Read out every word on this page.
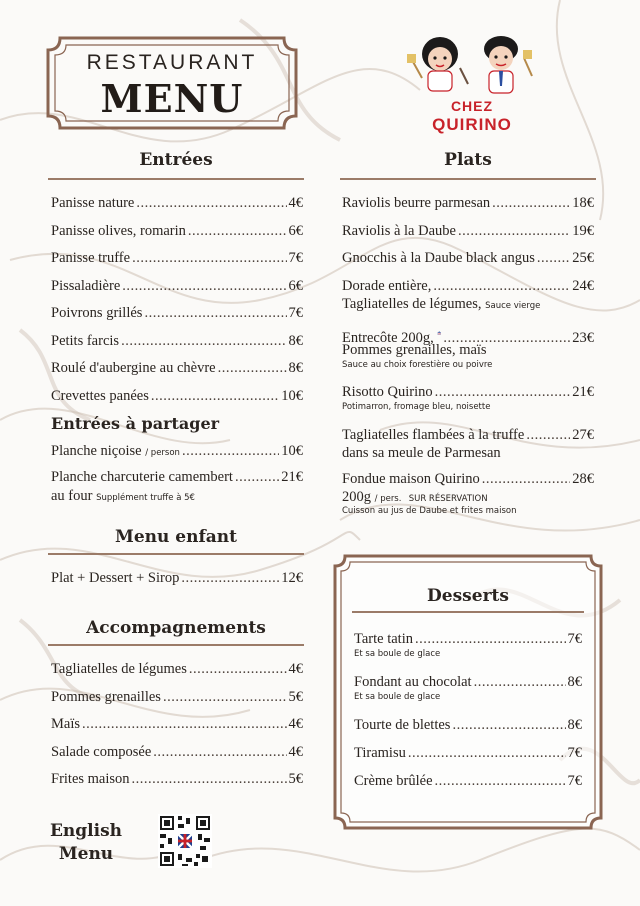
RESTAURANT
MENU	CHEZ
QUIRINO
Entrées
Panisse nature .....	4€
Panisse olives, romarin .....	6€
Panisse truffe .....	7€
Pissaladière .....	6€
Poivrons grillés .....	7€
Petits farcis .....	8€
Roulé d'aubergine au chèvre .....	8€
Crevettes panées .....	10€
Entrées à partager
Planche niçoise
/ person .....	10€
Planche charcuterie camembert .....	21€
au four Supplément truffe à 5€
Menu enfant
Plat + Dessert + Sirop .....	12€
Accompagnements
Tagliatelles de légumes .....	4€
Pommes grenailles .....	5€
Maïs .....	4€
Salade composée .....	4€
Frites maison .....	5€
English
Menu
Plats
Raviolis beurre parmesan .....	18€
Raviolis à la Daube .....	19€
Gnocchis à la Daube black angus .....	25€
Dorade entière, .....	24€
Tagliatelles de légumes, Sauce vierge
Entrecôte 200g, .....	23€
Pommes grenailles, maïs
Sauce au choix forestière ou poivre
Risotto Quirino .....	21€
Potimarron, fromage bleu, noisette
Tagliatelles flambées à la truffe .....	27€
dans sa meule de Parmesan
Fondue maison Quirino .....	28€
200g / pers. SUR RÉSERVATION
Cuisson au jus de Daube et frites maison
Desserts
Tarte tatin .....	7€
Et sa boule de glace
Fondant au chocolat .....	8€
Et sa boule de glace
Tourte de blettes .....	8€
Tiramisu .....	7€
Crème brûlée .....	7€
